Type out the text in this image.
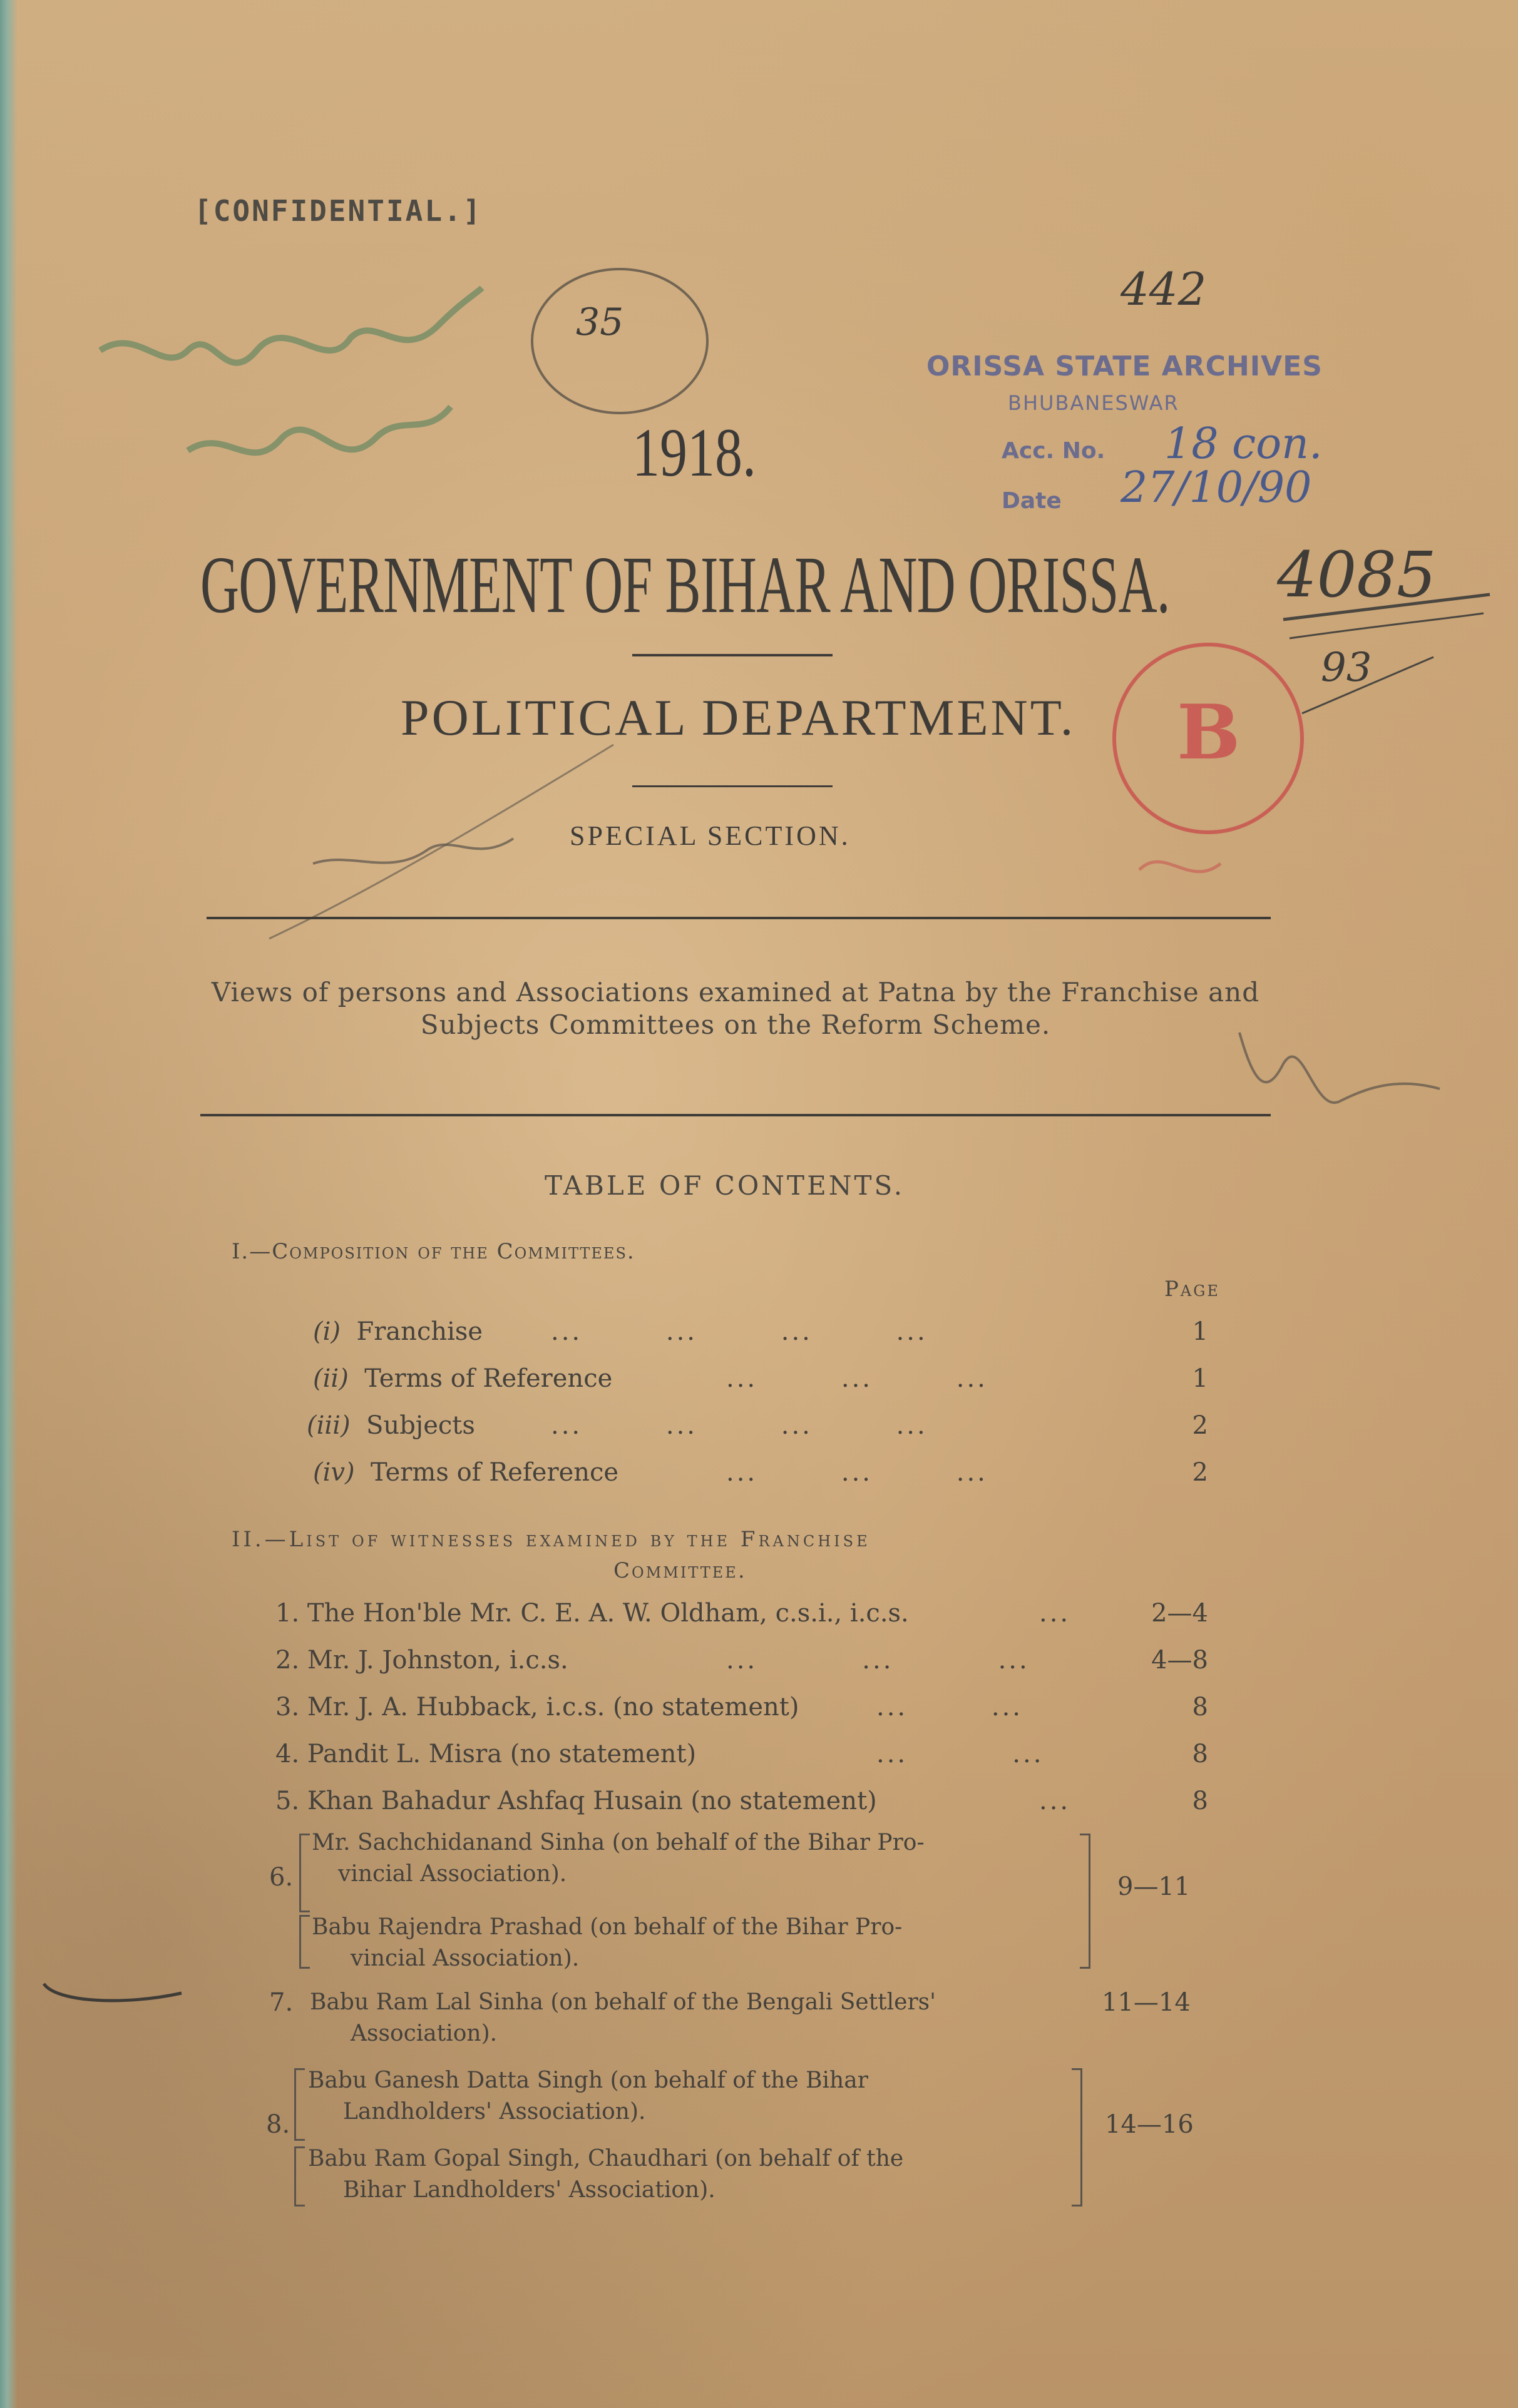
[CONFIDENTIAL.]
442
35
ORISSA STATE ARCHIVES
BHUBANESWAR
Acc. No. 18 con.
Date 27/10/90
1918.
4085
GOVERNMENT OF BIHAR AND ORISSA.
93
B
POLITICAL DEPARTMENT.
SPECIAL SECTION.
Views of persons and Associations examined at Patna by the Franchise and Subjects Committees on the Reform Scheme.
TABLE OF CONTENTS.
I.—Composition of the Committees.
Page
(i) Franchise	...        ...        ...        ...	1
(ii) Terms of Reference	...        ...        ...	1
(iii) Subjects	...        ...        ...        ...	2
(iv) Terms of Reference	...        ...        ...	2
II.—List of witnesses examined by the Franchise
Committee.
1. The Hon'ble Mr. C. E. A. W. Oldham, c.s.i., i.c.s.	...	2—4
2. Mr. J. Johnston, i.c.s.	...          ...          ...	4—8
3. Mr. J. A. Hubback, i.c.s. (no statement)	...        ...	8
4. Pandit L. Misra (no statement)	...          ...	8
5. Khan Bahadur Ashfaq Husain (no statement)	...	8
6.
Mr. Sachchidanand Sinha (on behalf of the Bihar Pro-
vincial Association).
Babu Rajendra Prashad (on behalf of the Bihar Pro-
vincial Association).
9—11
7. Babu Ram Lal Sinha (on behalf of the Bengali Settlers'
Association).
11—14
8.
Babu Ganesh Datta Singh (on behalf of the Bihar
Landholders' Association).
Babu Ram Gopal Singh, Chaudhari (on behalf of the
Bihar Landholders' Association).
14—16
